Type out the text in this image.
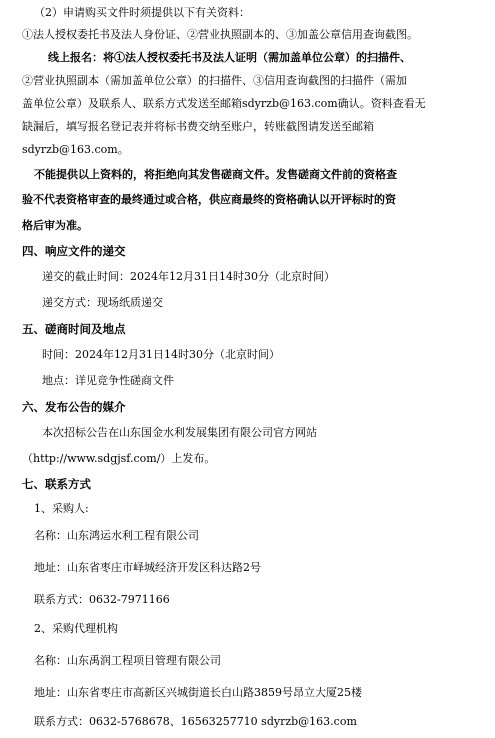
（2）申请购买文件时须提供以下有关资料：
①法人授权委托书及法人身份证、②营业执照副本的、③加盖公章信用查询截图。
线上报名：将①法人授权委托书及法人证明（需加盖单位公章）的扫描件、
②营业执照副本（需加盖单位公章）的扫描件、③信用查询截图的扫描件（需加
盖单位公章）及联系人、联系方式发送至邮箱sdyrzb@163.com确认。资料查看无
缺漏后，填写报名登记表并将标书费交纳至账户，转账截图请发送至邮箱
sdyrzb@163.com。
不能提供以上资料的，将拒绝向其发售磋商文件。发售磋商文件前的资格查
验不代表资格审查的最终通过或合格，供应商最终的资格确认以开评标时的资
格后审为准。
四、响应文件的递交
递交的截止时间：2024年12月31日14时30分（北京时间）
递交方式：现场纸质递交
五、磋商时间及地点
时间：2024年12月31日14时30分（北京时间）
地点：详见竞争性磋商文件
六、发布公告的媒介
本次招标公告在山东国金水利发展集团有限公司官方网站
（http://www.sdgjsf.com/）上发布。
七、联系方式
1、采购人:
名称：山东鸿运水利工程有限公司
地址：山东省枣庄市峄城经济开发区科达路2号
联系方式：0632-7971166
2、采购代理机构
名称：山东禹润工程项目管理有限公司
地址：山东省枣庄市高新区兴城街道长白山路3859号昂立大厦25楼
联系方式：0632-5768678、16563257710 sdyrzb@163.com
